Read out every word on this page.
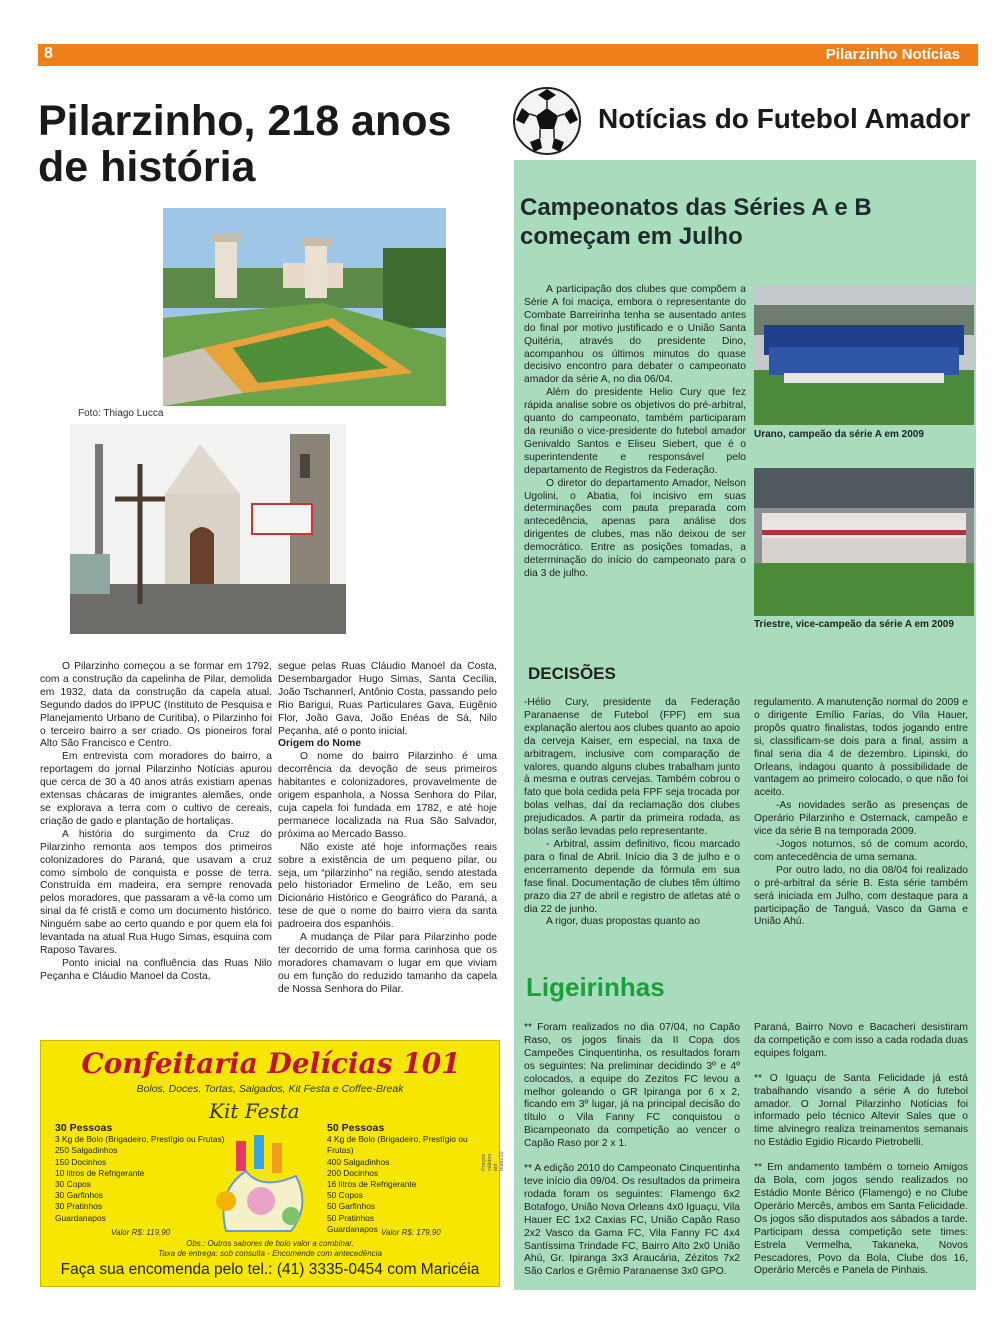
8	Pilarzinho Notícias
Pilarzinho, 218 anos de história
Notícias do Futebol Amador
Campeonatos das Séries A e B começam em Julho
Foto: Thiago Lucca

O Pilarzinho começou a se formar em 1792, com a construção da capelinha de Pilar, demolida em 1932, data da construção da capela atual. Segundo dados do IPPUC (Instituto de Pesquisa e Planejamento Urbano de Curitiba), o Pilarzinho foi o terceiro bairro a ser criado. Os pioneiros foral Alto São Francisco e Centro.

Em entrevista com moradores do bairro, a reportagem do jornal Pilarzinho Notícias apurou que cerca de 30 a 40 anos atrás existiam apenas extensas chácaras de imigrantes alemães, onde se explorava a terra com o cultivo de cereais, criação de gado e plantação de hortaliças.

A história do surgimento da Cruz do Pilarzinho remonta aos tempos dos primeiros colonizadores do Paraná, que usavam a cruz como símbolo de conquista e posse de terra. Construída em madeira, era sempre renovada pelos moradores, que passaram a vê-la como um sinal da fé cristã e como um documento histórico. Ninguém sabe ao certo quando e por quem ela foi levantada na atual Rua Hugo Simas, esquina com Raposo Tavares.

Ponto inicial na confluência das Ruas Nilo Peçanha e Cláudio Manoel da Costa,

segue pelas Ruas Cláudio Manoel da Costa, Desembargador Hugo Simas, Santa Cecília, João Tschannerl, Antônio Costa, passando pelo Rio Barigui, Ruas Particulares Gava, Eugênio Flor, João Gava, João Enéas de Sá, Nilo Peçanha, até o ponto inicial.

Origem do Nome

O nome do bairro Pilarzinho é uma decorrência da devoção de seus primeiros habitantes e colonizadores, provavelmente de origem espanhola, a Nossa Senhora do Pilar, cuja capela foi fundada em 1782, e até hoje permanece localizada na Rua São Salvador, próxima ao Mercado Basso.

Não existe até hoje informações reais sobre a existência de um pequeno pilar, ou seja, um “pilarzinho” na região, sendo atestada pelo historiador Ermelino de Leão, em seu Dicionário Histórico e Geográfico do Paraná, a tese de que o nome do bairro viera da santa padroeira dos espanhóis.

A mudança de Pilar para Pilarzinho pode ter decorrido de uma forma carinhosa que os moradores chamavam o lugar em que viviam ou em função do reduzido tamanho da capela de Nossa Senhora do Pilar.

A participação dos clubes que compõem a Série A foi maciça, embora o representante do Combate Barreirinha tenha se ausentado antes do final por motivo justificado e o União Santa Quitéria, através do presidente Dino, acompanhou os últimos minutos do quase decisivo encontro para debater o campeonato amador da série A, no dia 06/04.

Além do presidente Helio Cury que fez rápida analise sobre os objetivos do pré-arbitral, quanto do campeonato, também participaram da reunião o vice-presidente do futebol amador Genivaldo Santos e Eliseu Siebert, que é o superintendente e responsável pelo departamento de Registros da Federação.

O diretor do departamento Amador, Nelson Ugolini, o Abatia, foi incisivo em suas determinações com pauta preparada com antecedência, apenas para análise dos dirigentes de clubes, mas não deixou de ser democrático. Entre as posições tomadas, a determinação do início do campeonato para o dia 3 de julho.

Urano, campeão da série A em 2009
Triestre, vice-campeão da série A em 2009
DECISÕES

-Hélio Cury, presidente da Federação Paranaense de Futebol (FPF) em sua explanação alertou aos clubes quanto ao apoio da cerveja Kaiser, em especial, na taxa de arbitragem, inclusive com comparação de valores, quando alguns clubes trabalham junto à mesma e outras cervejas. Também cobrou o fato que bola cedida pela FPF seja trocada por bolas velhas, daí da reclamação dos clubes prejudicados. A partir da primeira rodada, as bolas serão levadas pelo representante.

- Arbitral, assim definitivo, ficou marcado para o final de Abril. Início dia 3 de julho e o encerramento depende da fórmula em sua fase final. Documentação de clubes têm último prazo dia 27 de abril e registro de atletas até o dia 22 de junho.

A rigor, duas propostas quanto ao

regulamento. A manutenção normal do 2009 e o dirigente Emílio Farias, do Vila Hauer, propôs quatro finalistas, todos jogando entre si, classificam-se dois para a final, assim a final seria dia 4 de dezembro. Lipinski, do Orleans, indagou quanto à possibilidade de vantagem ao primeiro colocado, o que não foi aceito.

-As novidades serão as presenças de Operário Pilarzinho e Osternack, campeão e vice da série B na temporada 2009.

-Jogos noturnos, só de comum acordo, com antecedência de uma semana.

Por outro lado, no dia 08/04 foi realizado o pré-arbitral da série B. Esta série também será iniciada em Julho, com destaque para a participação de Tanguá, Vasco da Gama e União Ahú.

Ligeirinhas

** Foram realizados no dia 07/04, no Capão Raso, os jogos finais da II Copa dos Campeões Cinquentinha, os resultados foram os seguintes: Na preliminar decidindo 3º e 4º colocados, a equipe do Zezitos FC levou a melhor goleando o GR Ipiranga por 6 x 2, ficando em 3º lugar, já na principal decisão do título o Vila Fanny FC conquistou o Bicampeonato da competição ao vencer o Capão Raso por 2 x 1.

** A edição 2010 do Campeonato Cinquentinha teve início dia 09/04. Os resultados da primeira rodada foram os seguintes: Flamengo 6x2 Botafogo, União Nova Orleans 4x0 Iguaçu, Vila Hauer EC 1x2 Caxias FC, União Capão Raso 2x2 Vasco da Gama FC, Vila Fanny FC 4x4 Santíssima Trindade FC, Bairro Alto 2x0 União Ahú, Gr. Ipiranga 3x3 Araucária, Zézitos 7x2 São Carlos e Grêmio Paranaense 3x0 GPO.

Paraná, Bairro Novo e Bacacheri desistiram da competição e com isso a cada rodada duas equipes folgam.

** O Iguaçu de Santa Felicidade já está trabalhando visando a série A do futebol amador. O Jornal Pilarzinho Notícias foi informado pelo técnico Altevir Sales que o time alvinegro realiza treinamentos semanais no Estádio Egidio Ricardo Pietrobelli.

** Em andamento também o torneio Amigos da Bola, com jogos sendo realizados no Estádio Monte Bérico (Flamengo) e no Clube Operário Mercês, ambos em Santa Felicidade. Os jogos são disputados aos sábados a tarde. Participam dessa competição sete times: Estrela Vermelha, Takaneka, Novos Pescadores, Povo da Bola, Clube dos 16, Operário Mercês e Panela de Pinhais.

Confeitaria Delícias 101
Bolos, Doces, Tortas, Salgados, Kit Festa e Coffee-Break
Kit Festa
30 Pessoas
3 Kg de Bolo (Brigadeiro, Prestígio ou Frutas)
250 Salgadinhos
150 Docinhos
10 litros de Refrigerante
30 Copos
30 Garfinhos
30 Pratinhos
Guardanapos
Valor R$: 119,90
50 Pessoas
4 Kg de Bolo (Brigadeiro, Prestígio ou Frutas)
400 Salgadinhos
200 Docinhos
16 litros de Refrigerante
50 Copos
50 Garfinhos
50 Pratinhos
Guardanapos Valor R$: 179,90
Obs.: Outros sabores de bolo valor a combinar.
Taxa de entrega: sob consulta - Encomende com antecedência
Faça sua encomenda pelo tel.: (41) 3335-0454 com Maricéia
Preços válidos até maio/10
